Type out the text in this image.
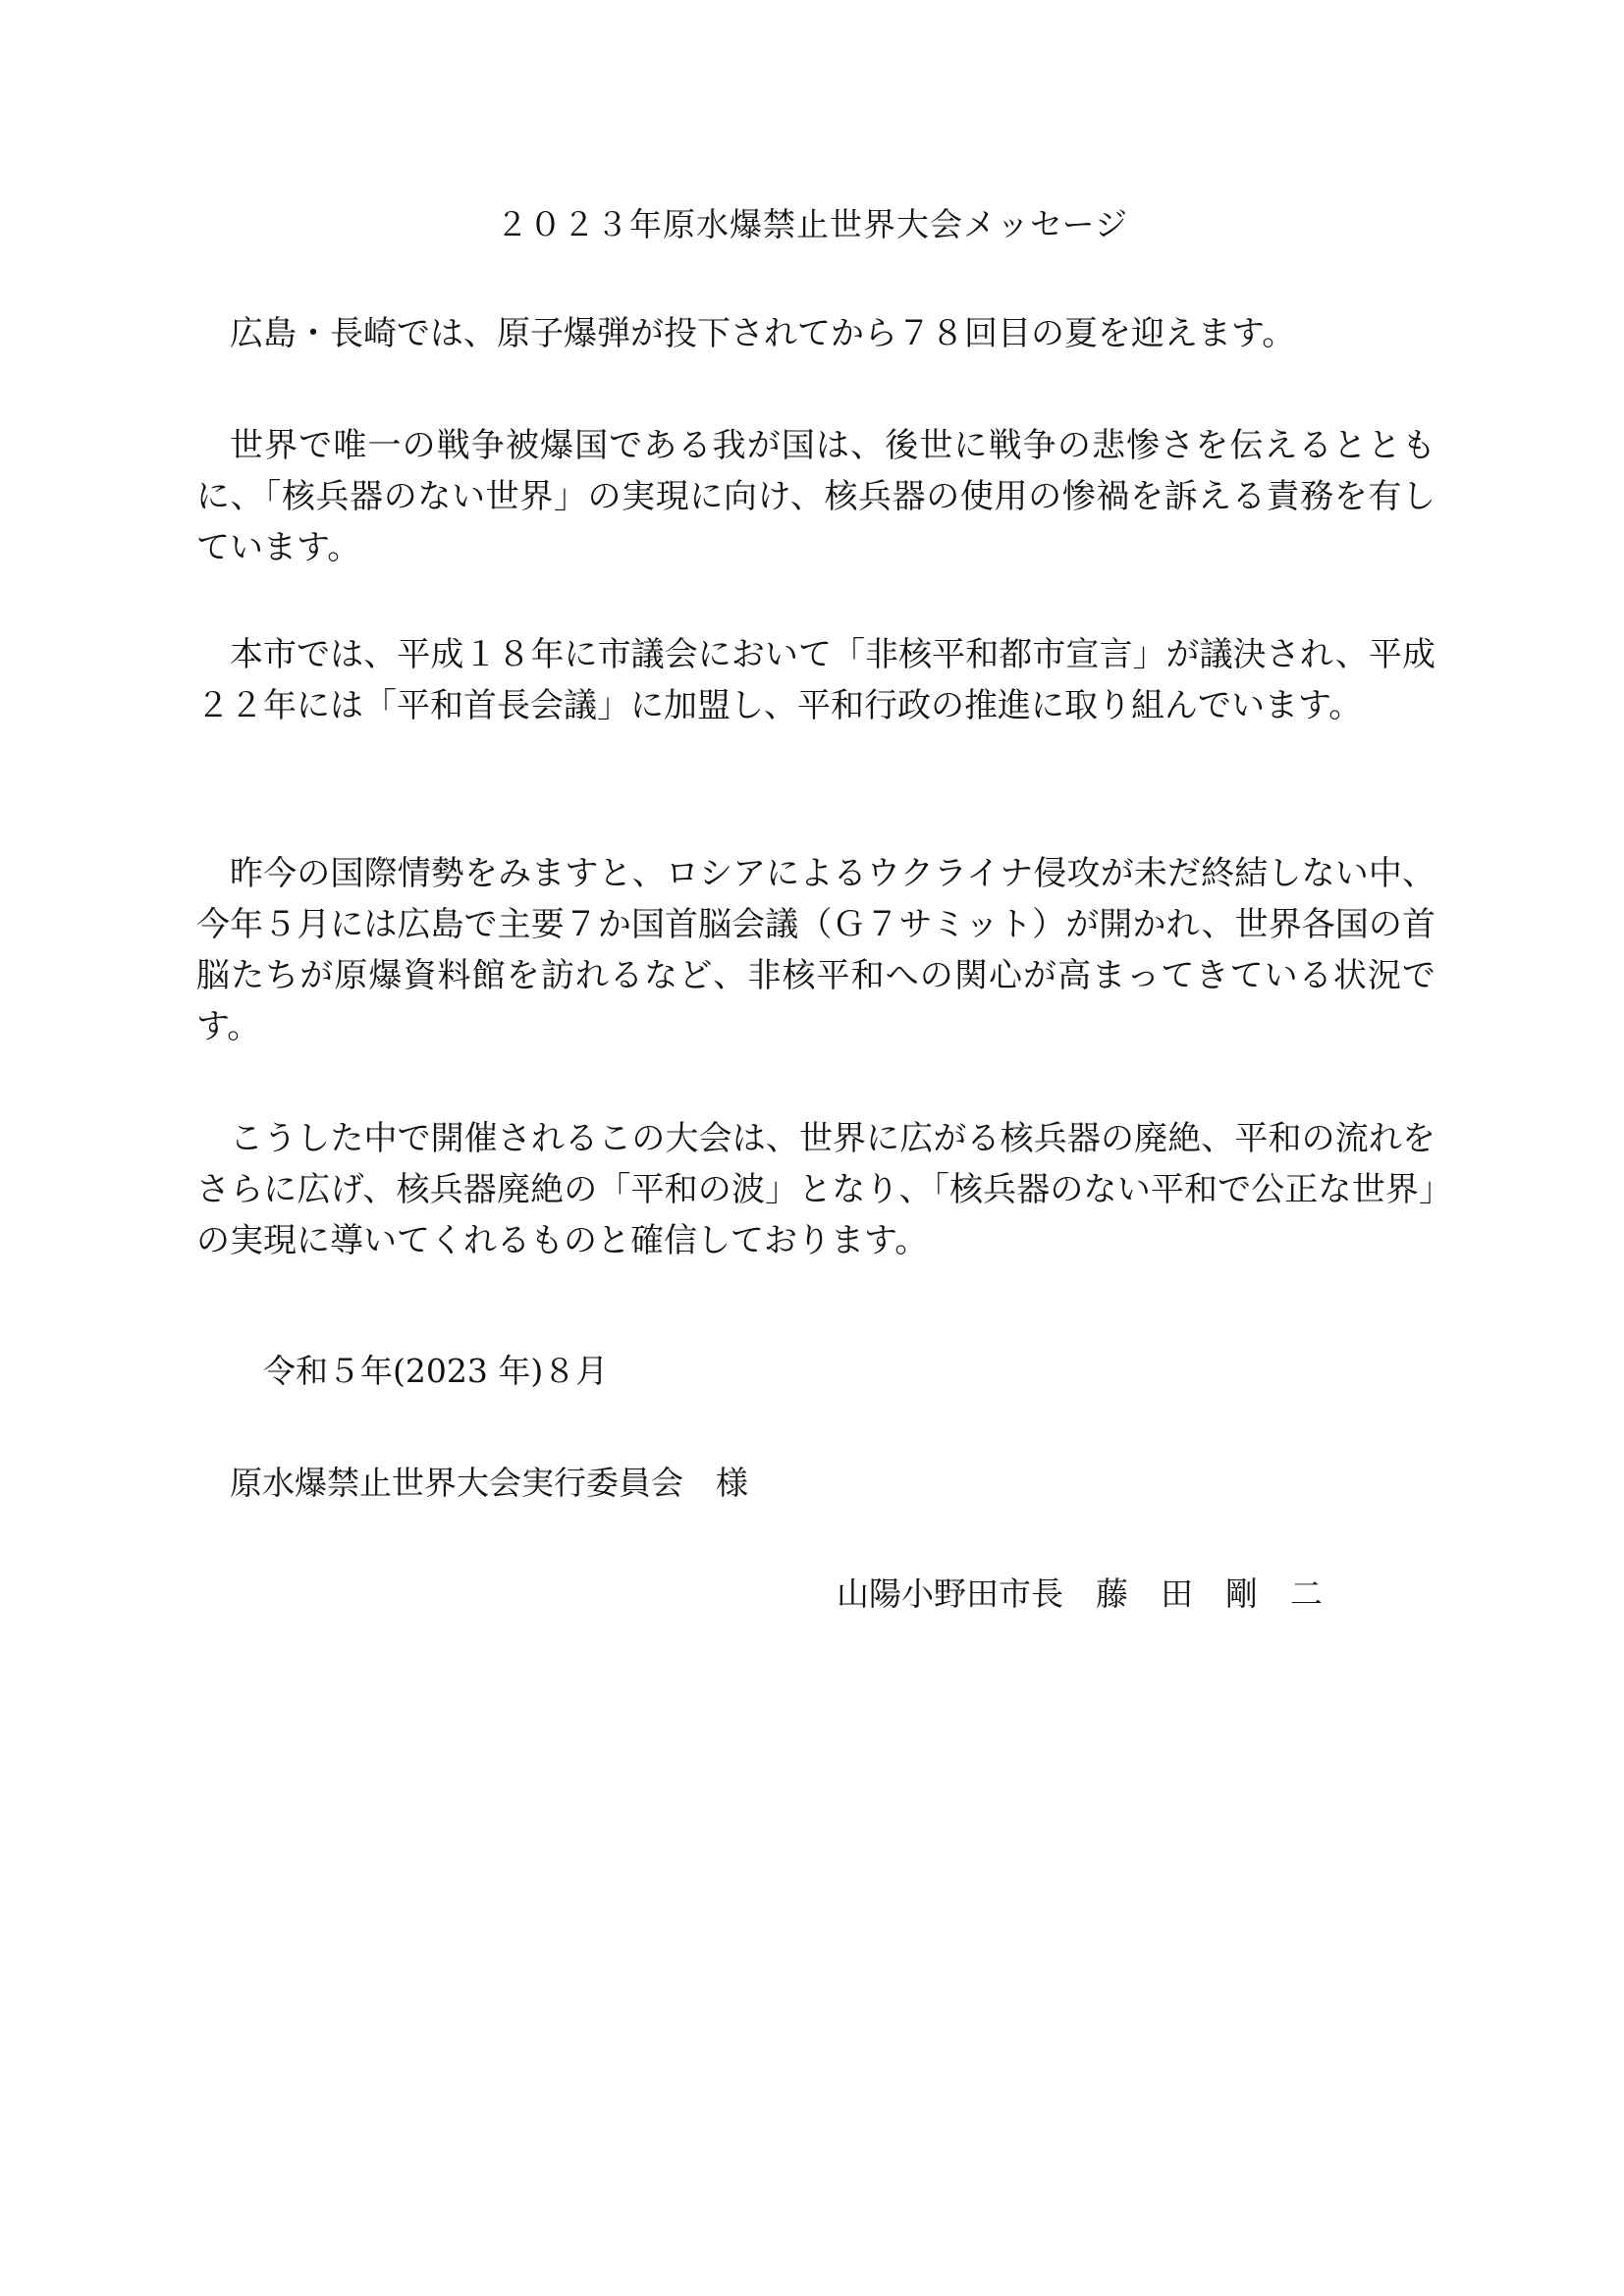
２０２３年原水爆禁止世界大会メッセージ

広島・長崎では、原子爆弾が投下されてから７８回目の夏を迎えます。

世界で唯一の戦争被爆国である我が国は、後世に戦争の悲惨さを伝えるとともに、「核兵器のない世界」の実現に向け、核兵器の使用の惨禍を訴える責務を有しています。

本市では、平成１８年に市議会において「非核平和都市宣言」が議決され、平成２２年には「平和首長会議」に加盟し、平和行政の推進に取り組んでいます。

昨今の国際情勢をみますと、ロシアによるウクライナ侵攻が未だ終結しない中、今年５月には広島で主要７か国首脳会議（Ｇ７サミット）が開かれ、世界各国の首脳たちが原爆資料館を訪れるなど、非核平和への関心が高まってきている状況です。

こうした中で開催されるこの大会は、世界に広がる核兵器の廃絶、平和の流れをさらに広げ、核兵器廃絶の「平和の波」となり、「核兵器のない平和で公正な世界」の実現に導いてくれるものと確信しております。

令和５年(2023 年)８月

原水爆禁止世界大会実行委員会　様

山陽小野田市長　藤　田　剛　二
